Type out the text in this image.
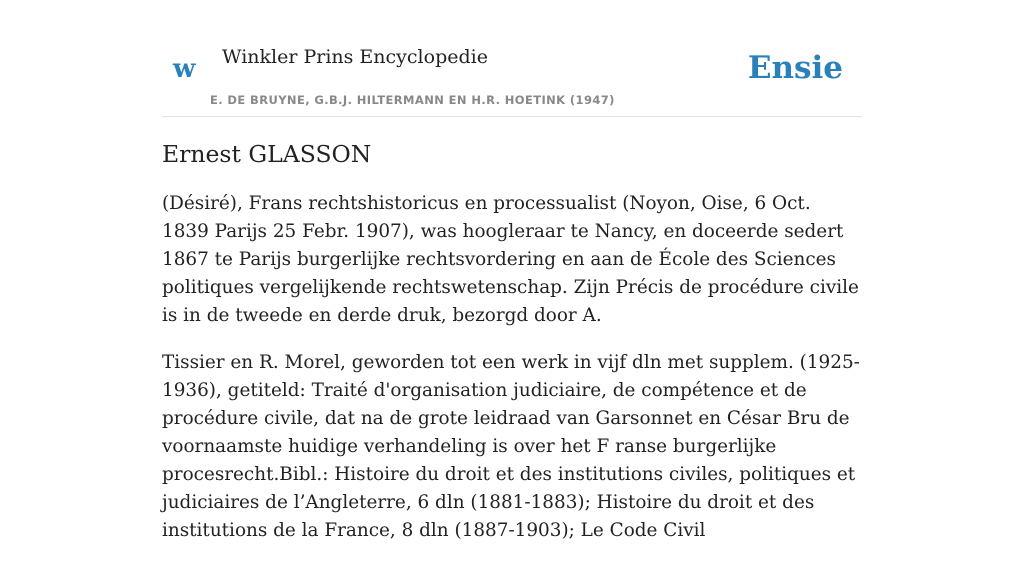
w Winkler Prins Encyclopedie
E. DE BRUYNE, G.B.J. HILTERMANN EN H.R. HOETINK (1947)
Ensie
Ernest GLASSON

(Désiré), Frans rechtshistoricus en processualist (Noyon, Oise, 6 Oct. 1839 Parijs 25 Febr. 1907), was hoogleraar te Nancy, en doceerde sedert 1867 te Parijs burgerlijke rechtsvordering en aan de École des Sciences politiques vergelijkende rechtswetenschap. Zijn Précis de procédure civile is in de tweede en derde druk, bezorgd door A.

Tissier en R. Morel, geworden tot een werk in vijf dln met supplem. (1925-1936), getiteld: Traité d'organisation judiciaire, de compétence et de procédure civile, dat na de grote leidraad van Garsonnet en César Bru de voornaamste huidige verhandeling is over het F ranse burgerlijke procesrecht.Bibl.: Histoire du droit et des institutions civiles, politiques et judiciaires de l’Angleterre, 6 dln (1881-1883); Histoire du droit et des institutions de la France, 8 dln (1887-1903); Le Code Civil
